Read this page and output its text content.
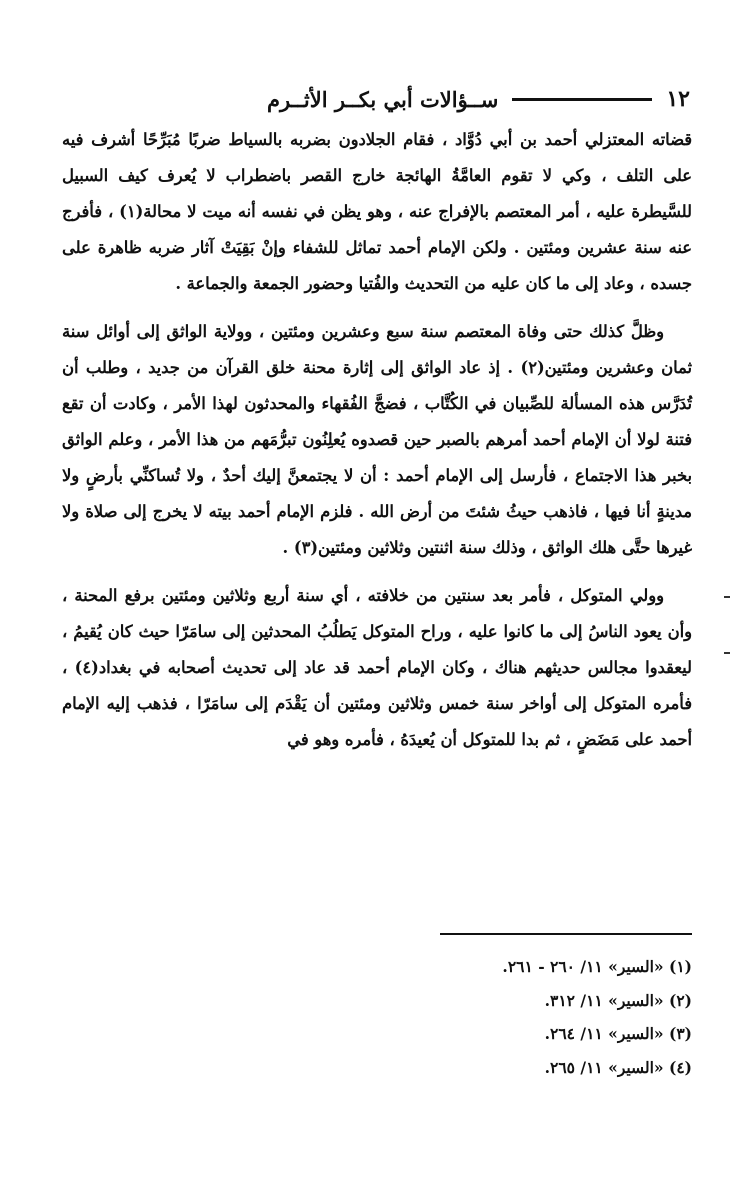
١٢
ســؤالات أبي بكــر الأثــرم

قضاته المعتزلي أحمد بن أبي دُوَّاد ، فقام الجلادون بضربه بالسياط ضربًا مُبَرِّحًا أشرف فيه على التلف ، وكي لا تقوم العامَّةُ الهائجة خارج القصر باضطراب لا يُعرف كيف السبيل للسَّيطرة عليه ، أمر المعتصم بالإفراج عنه ، وهو يظن في نفسه أنه ميت لا محالة(١) ، فأفرج عنه سنة عشرين ومئتين . ولكن الإمام أحمد تماثل للشفاء وإنْ بَقِيَتْ آثار ضربه ظاهرة على جسده ، وعاد إلى ما كان عليه من التحديث والفُتيا وحضور الجمعة والجماعة .

وظلَّ كذلك حتى وفاة المعتصم سنة سبع وعشرين ومئتين ، وولاية الواثق إلى أوائل سنة ثمان وعشرين ومئتين(٢) . إذ عاد الواثق إلى إثارة محنة خلق القرآن من جديد ، وطلب أن تُدَرَّس هذه المسألة للصِّبيان في الكُتَّاب ، فضجَّ الفُقهاء والمحدثون لهذا الأمر ، وكادت أن تقع فتنة لولا أن الإمام أحمد أمرهم بالصبر حين قصدوه يُعلِنُون تبرُّمَهم من هذا الأمر ، وعلم الواثق بخبر هذا الاجتماع ، فأرسل إلى الإمام أحمد : أن لا يجتمعنَّ إليك أحدٌ ، ولا تُساكنِّي بأرضٍ ولا مدينةٍ أنا فيها ، فاذهب حيثُ شئتَ من أرض الله . فلزم الإمام أحمد بيته لا يخرج إلى صلاة ولا غيرها حتَّى هلك الواثق ، وذلك سنة اثنتين وثلاثين ومئتين(٣) .

وولي المتوكل ، فأمر بعد سنتين من خلافته ، أي سنة أربع وثلاثين ومئتين برفع المحنة ، وأن يعود الناسُ إلى ما كانوا عليه ، وراح المتوكل يَطلُبُ المحدثين إلى سامَرّا حيث كان يُقيمُ ، ليعقدوا مجالس حديثهم هناك ، وكان الإمام أحمد قد عاد إلى تحديث أصحابه في بغداد(٤) ، فأمره المتوكل إلى أواخر سنة خمس وثلاثين ومئتين أن يَقْدَم إلى سامَرّا ، فذهب إليه الإمام أحمد على مَضَضٍ ، ثم بدا للمتوكل أن يُعيدَهُ ، فأمره وهو في

(١) «السير» ١١/ ٢٦٠ - ٢٦١.
(٢) «السير» ١١/ ٣١٢.
(٣) «السير» ١١/ ٢٦٤.
(٤) «السير» ١١/ ٢٦٥.
